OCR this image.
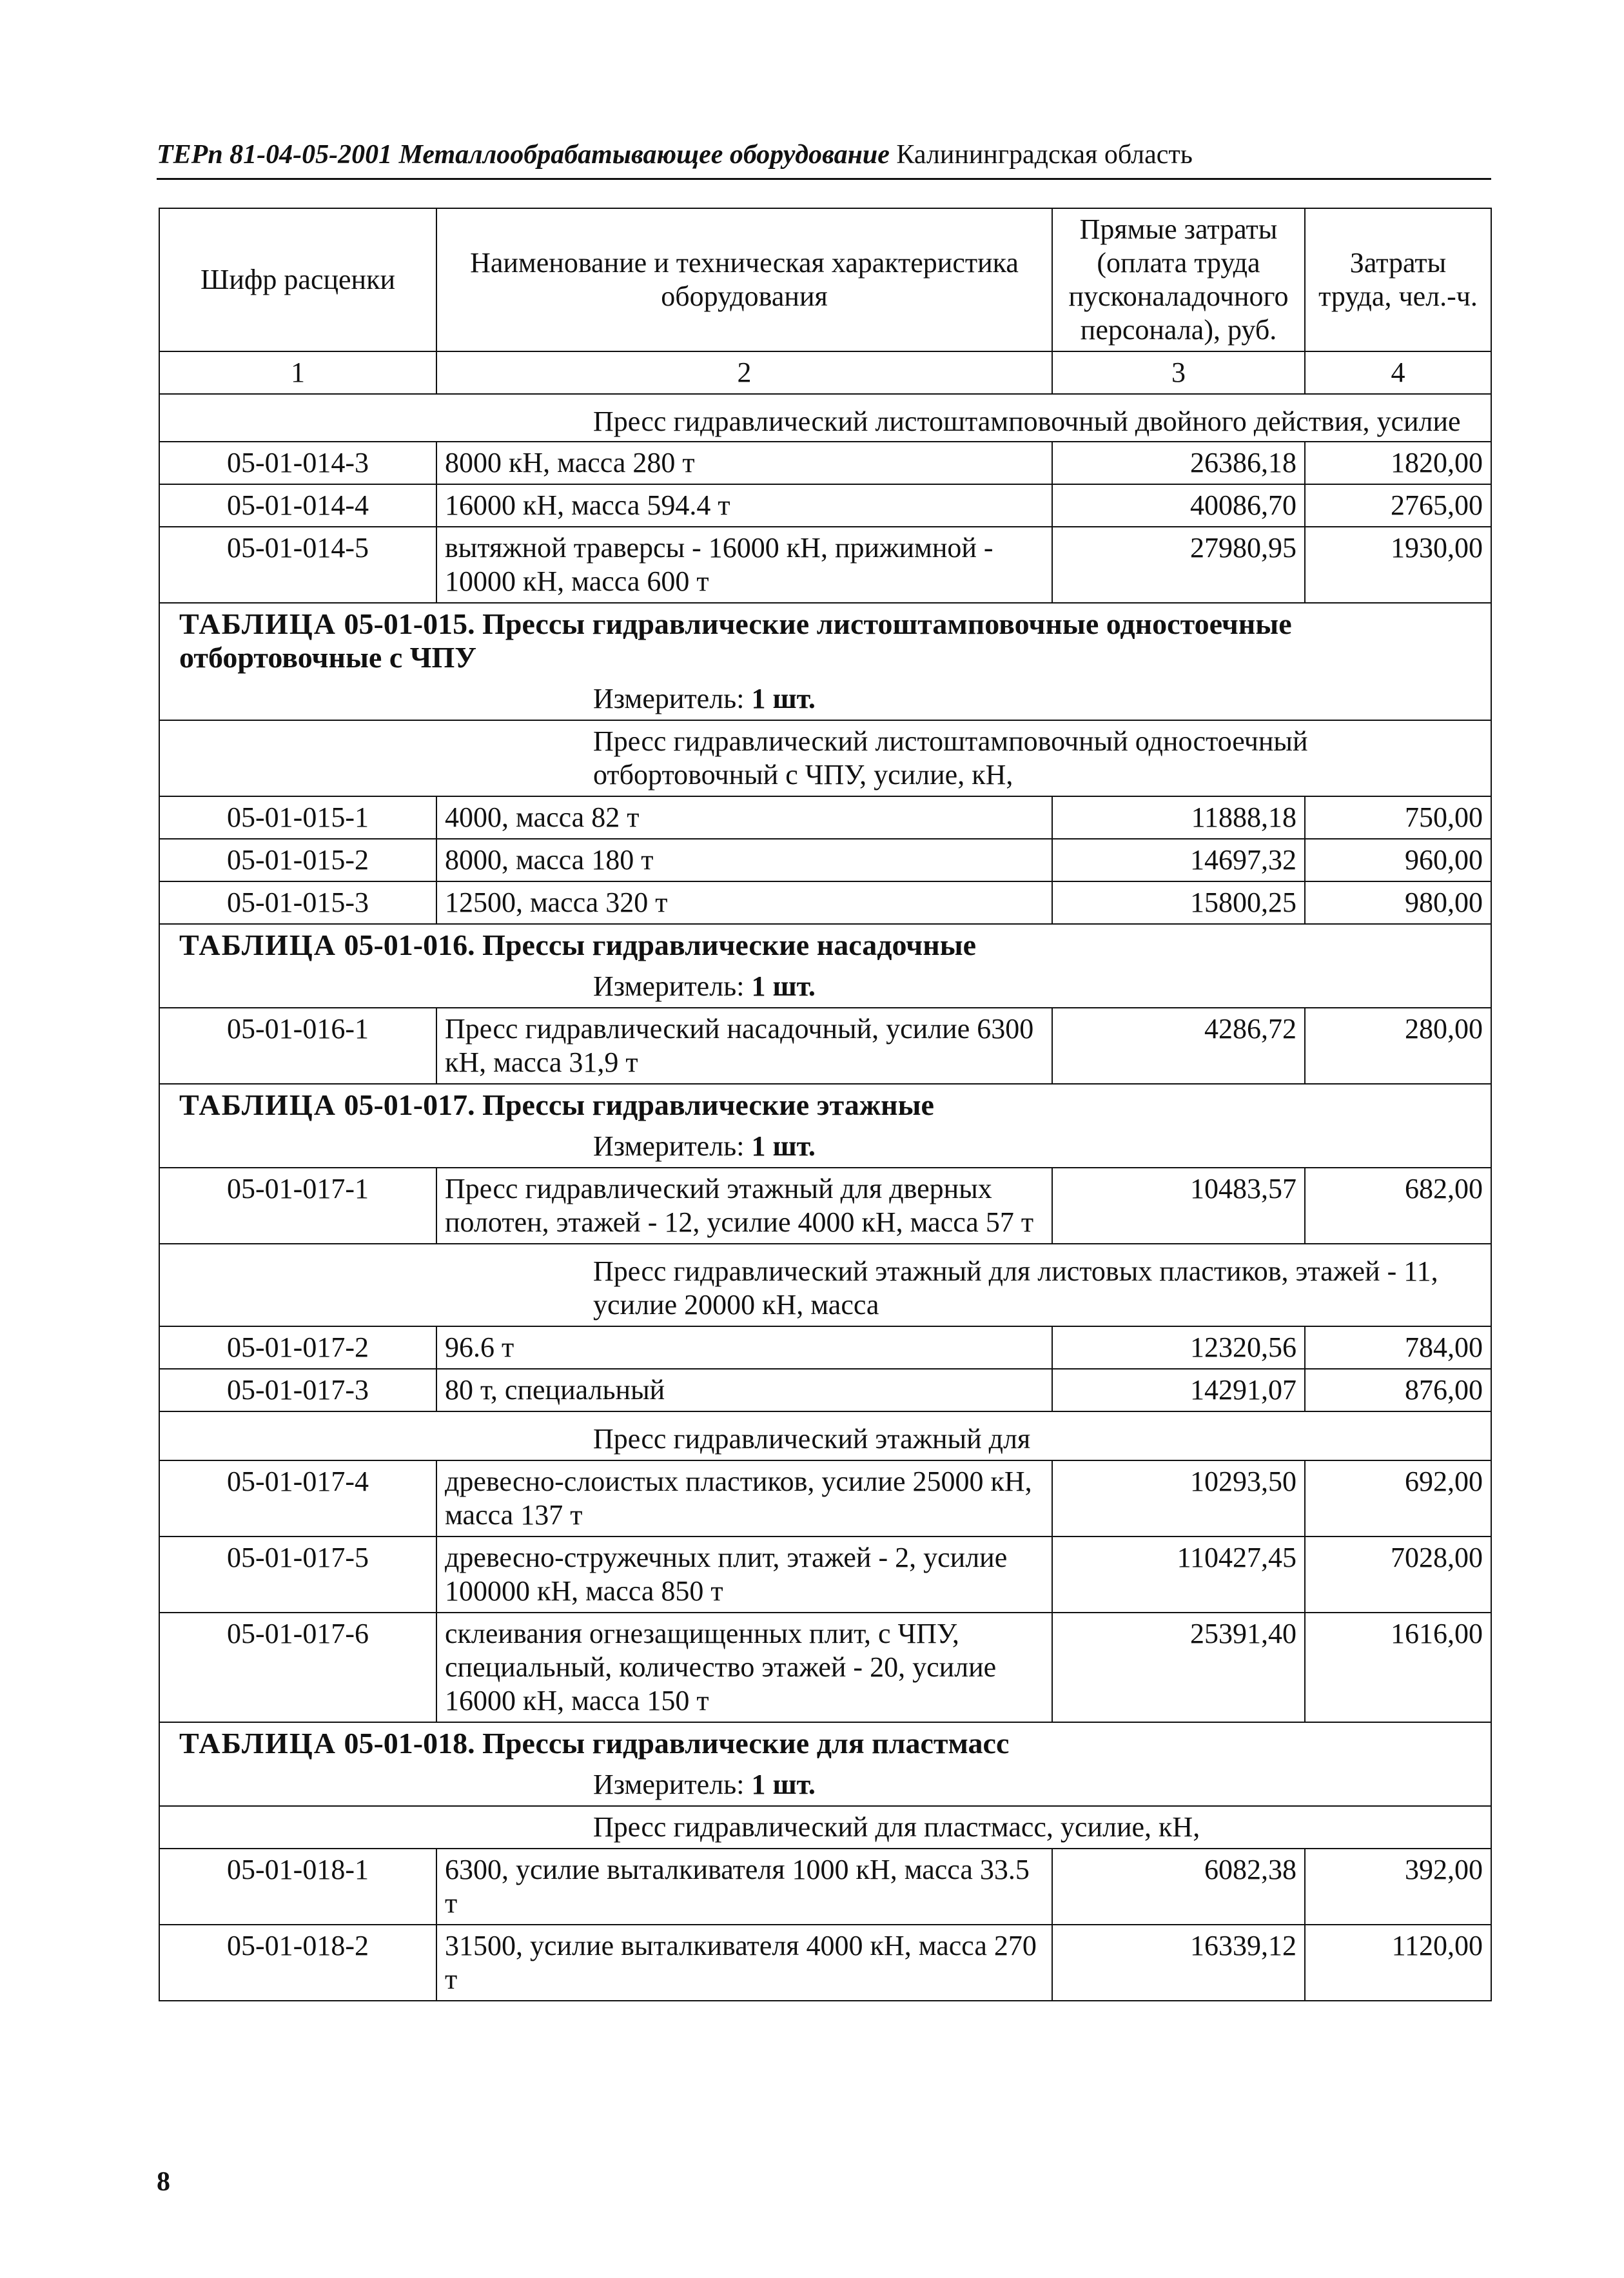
ТЕРп 81-04-05-2001 Металлообрабатывающее оборудование Калининградская область
Шифр расценки	Наименование и техническая характеристика оборудования	Прямые затраты (оплата труда пусконаладочного персонала), руб.	Затраты труда, чел.-ч.
1	2	3	4
Пресс гидравлический листоштамповочный двойного действия, усилие			
05-01-014-3	8000 кН, масса 280 т	26386,18	1820,00
05-01-014-4	16000 кН, масса 594.4 т	40086,70	2765,00
05-01-014-5	вытяжной траверсы - 16000 кН, прижимной - 10000 кН, масса 600 т	27980,95	1930,00
ТАБЛИЦА 05-01-015. Прессы гидравлические листоштамповочные одностоечные отбортовочные с ЧПУ			
Измеритель: 1 шт.			
Пресс гидравлический листоштамповочный одностоечный отбортовочный с ЧПУ, усилие, кН,			
05-01-015-1	4000, масса 82 т	11888,18	750,00
05-01-015-2	8000, масса 180 т	14697,32	960,00
05-01-015-3	12500, масса 320 т	15800,25	980,00
ТАБЛИЦА 05-01-016. Прессы гидравлические насадочные			
Измеритель: 1 шт.			
05-01-016-1	Пресс гидравлический насадочный, усилие 6300 кН, масса 31,9 т	4286,72	280,00
ТАБЛИЦА 05-01-017. Прессы гидравлические этажные			
Измеритель: 1 шт.			
05-01-017-1	Пресс гидравлический этажный для дверных полотен, этажей - 12, усилие 4000 кН, масса 57 т	10483,57	682,00
Пресс гидравлический этажный для листовых пластиков, этажей - 11, усилие 20000 кН, масса			
05-01-017-2	96.6 т	12320,56	784,00
05-01-017-3	80 т, специальный	14291,07	876,00
Пресс гидравлический этажный для			
05-01-017-4	древесно-слоистых пластиков, усилие 25000 кН, масса 137 т	10293,50	692,00
05-01-017-5	древесно-стружечных плит, этажей - 2, усилие 100000 кН, масса 850 т	110427,45	7028,00
05-01-017-6	склеивания огнезащищенных плит, с ЧПУ, специальный, количество этажей - 20, усилие 16000 кН, масса 150 т	25391,40	1616,00
ТАБЛИЦА 05-01-018. Прессы гидравлические для пластмасс			
Измеритель: 1 шт.			
Пресс гидравлический для пластмасс, усилие, кН,			
05-01-018-1	6300, усилие выталкивателя 1000 кН, масса 33.5 т	6082,38	392,00
05-01-018-2	31500, усилие выталкивателя 4000 кН, масса 270 т	16339,12	1120,00
8
